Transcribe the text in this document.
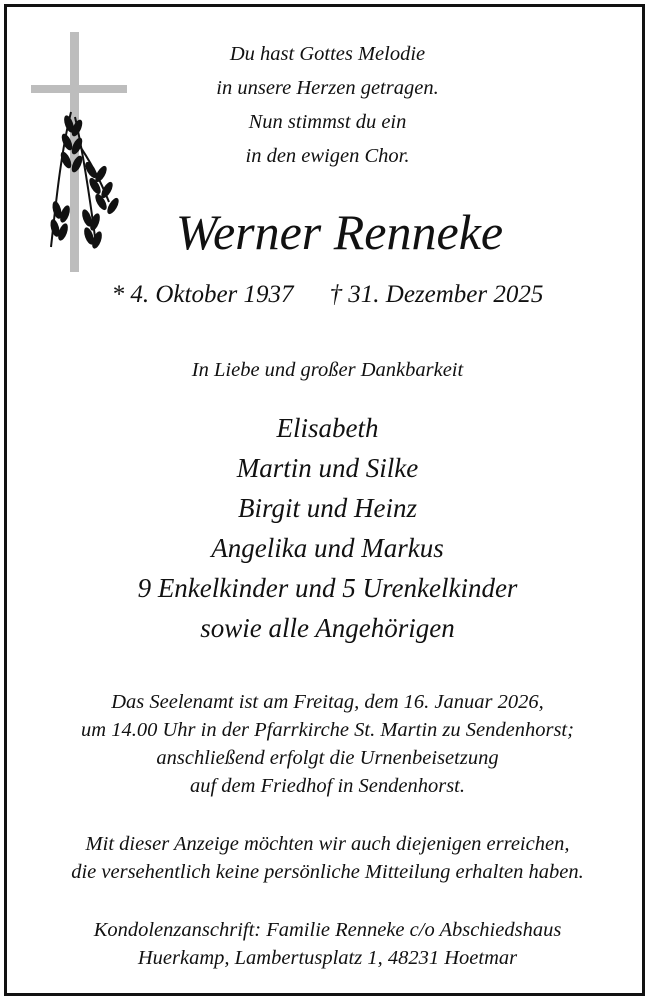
Du hast Gottes Melodie
in unsere Herzen getragen.
Nun stimmst du ein
in den ewigen Chor.
Werner Renneke
* 4. Oktober 1937 † 31. Dezember 2025
In Liebe und großer Dankbarkeit
Elisabeth
Martin und Silke
Birgit und Heinz
Angelika und Markus
9 Enkelkinder und 5 Urenkelkinder
sowie alle Angehörigen
Das Seelenamt ist am Freitag, dem 16. Januar 2026,
um 14.00 Uhr in der Pfarrkirche St. Martin zu Sendenhorst;
anschließend erfolgt die Urnenbeisetzung
auf dem Friedhof in Sendenhorst.
Mit dieser Anzeige möchten wir auch diejenigen erreichen,
die versehentlich keine persönliche Mitteilung erhalten haben.
Kondolenzanschrift: Familie Renneke c/o Abschiedshaus
Huerkamp, Lambertusplatz 1, 48231 Hoetmar
